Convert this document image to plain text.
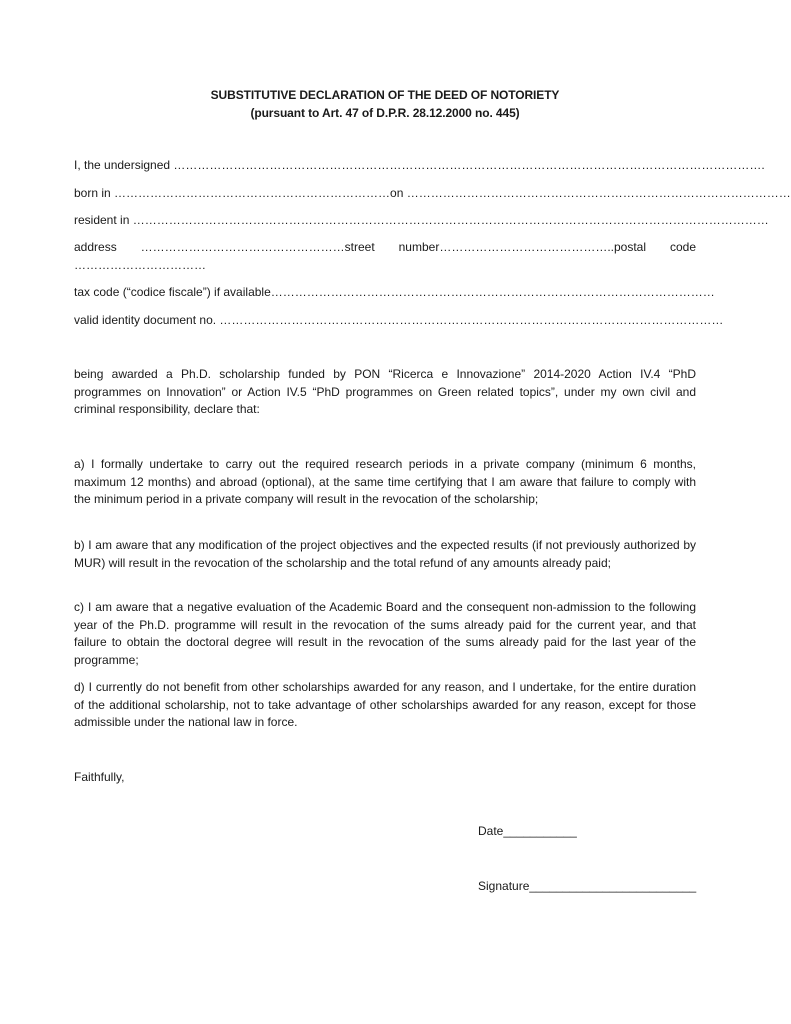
SUBSTITUTIVE DECLARATION OF THE DEED OF NOTORIETY
(pursuant to Art. 47 of D.P.R. 28.12.2000 no. 445)
I, the undersigned ………………………………………………………………………………………………………………………………….
born in ……………………………………………………………on ……………………………………………………………………………………
resident in ……………………………………………………………………………………………………………………………………………
address ……………………………………………street number……………………………………..postal code
……………………………
tax code (“codice fiscale”) if available…………………………………………………………………………………………………
valid identity document no. ………………………………………………………………………………………………………………
being awarded a Ph.D. scholarship funded by PON “Ricerca e Innovazione” 2014-2020 Action IV.4 “PhD programmes on Innovation” or Action IV.5 “PhD programmes on Green related topics”, under my own civil and criminal responsibility, declare that:
a) I formally undertake to carry out the required research periods in a private company (minimum 6 months, maximum 12 months) and abroad (optional), at the same time certifying that I am aware that failure to comply with the minimum period in a private company will result in the revocation of the scholarship;
b) I am aware that any modification of the project objectives and the expected results (if not previously authorized by MUR) will result in the revocation of the scholarship and the total refund of any amounts already paid;
c) I am aware that a negative evaluation of the Academic Board and the consequent non-admission to the following year of the Ph.D. programme will result in the revocation of the sums already paid for the current year, and that failure to obtain the doctoral degree will result in the revocation of the sums already paid for the last year of the programme;
d) I currently do not benefit from other scholarships awarded for any reason, and I undertake, for the entire duration of the additional scholarship, not to take advantage of other scholarships awarded for any reason, except for those admissible under the national law in force.
Faithfully,
Date___________
Signature_________________________
